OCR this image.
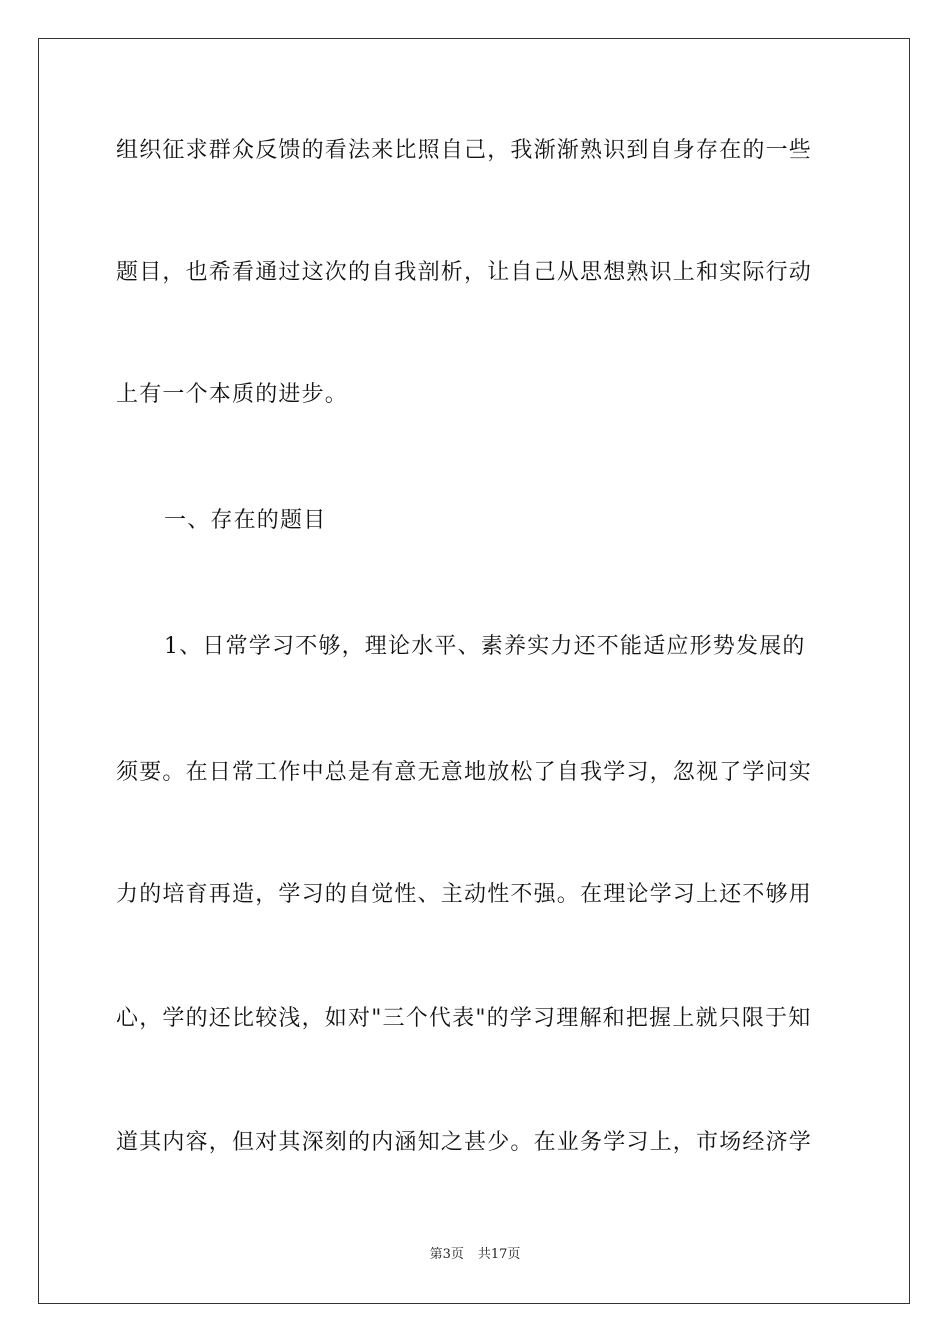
组织征求群众反馈的看法来比照自己，我渐渐熟识到自身存在的一些
题目，也希看通过这次的自我剖析，让自己从思想熟识上和实际行动
上有一个本质的进步。
一、存在的题目
1、日常学习不够，理论水平、素养实力还不能适应形势发展的
须要。在日常工作中总是有意无意地放松了自我学习，忽视了学问实
力的培育再造，学习的自觉性、主动性不强。在理论学习上还不够用
心，学的还比较浅，如对"三个代表"的学习理解和把握上就只限于知
道其内容，但对其深刻的内涵知之甚少。在业务学习上，市场经济学
第3页 共17页
